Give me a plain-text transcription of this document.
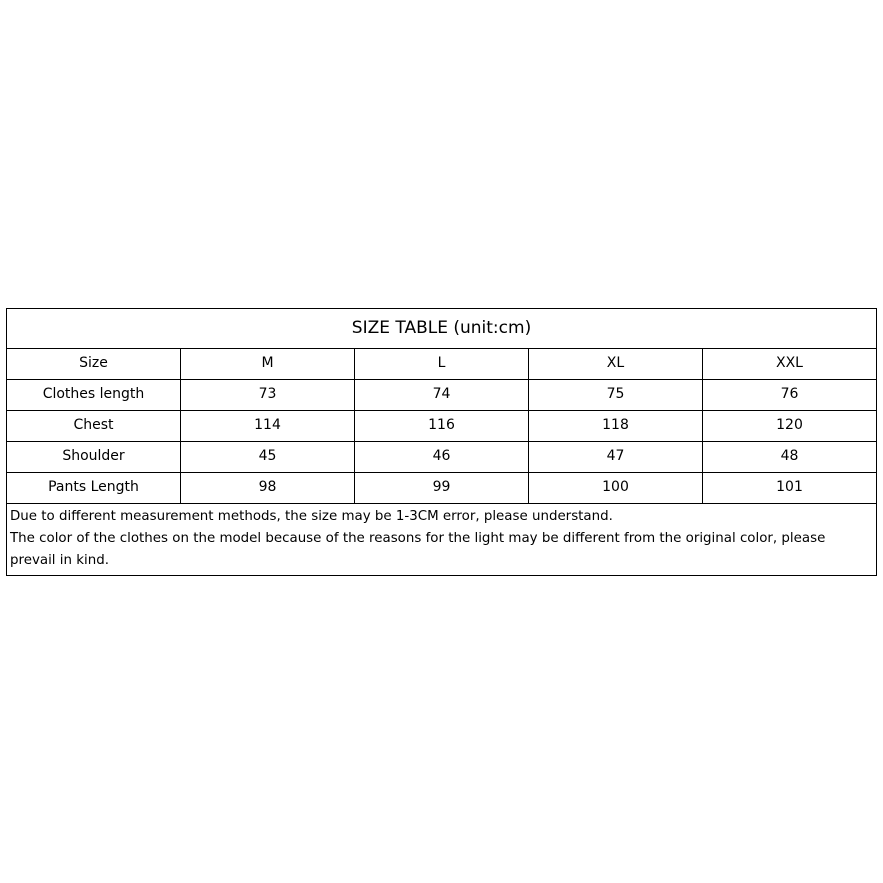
SIZE TABLE (unit:cm)				
Size	M	L	XL	XXL
Clothes length	73	74	75	76
Chest	114	116	118	120
Shoulder	45	46	47	48
Pants Length	98	99	100	101

Due to different measurement methods, the size may be 1-3CM error, please understand.
The color of the clothes on the model because of the reasons for the light may be different from the original color, please prevail in kind.				
